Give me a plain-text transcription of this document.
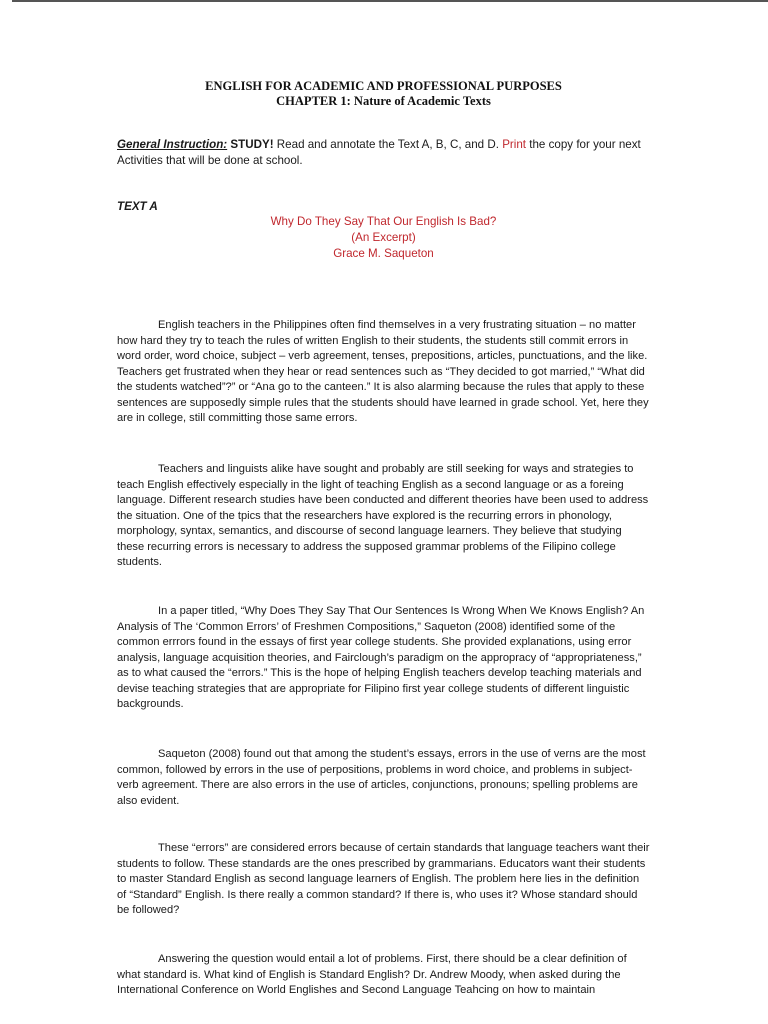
ENGLISH FOR ACADEMIC AND PROFESSIONAL PURPOSES
CHAPTER 1: Nature of Academic Texts
General Instruction: STUDY! Read and annotate the Text A, B, C, and D. Print the copy for your next Activities that will be done at school.
TEXT A
Why Do They Say That Our English Is Bad?
(An Excerpt)
Grace M. Saqueton

English teachers in the Philippines often find themselves in a very frustrating situation – no matter how hard they try to teach the rules of written English to their students, the students still commit errors in word order, word choice, subject – verb agreement, tenses, prepositions, articles, punctuations, and the like. Teachers get frustrated when they hear or read sentences such as “They decided to got married,” “What did the students watched”?” or “Ana go to the canteen.” It is also alarming because the rules that apply to these sentences are supposedly simple rules that the students should have learned in grade school. Yet, here they are in college, still committing those same errors.

Teachers and linguists alike have sought and probably are still seeking for ways and strategies to teach English effectively especially in the light of teaching English as a second language or as a foreing language. Different research studies have been conducted and different theories have been used to address the situation. One of the tpics that the researchers have explored is the recurring errors in phonology, morphology, syntax, semantics, and discourse of second language learners. They believe that studying these recurring errors is necessary to address the supposed grammar problems of the Filipino college students.

In a paper titled, “Why Does They Say That Our Sentences Is Wrong When We Knows English? An Analysis of The ‘Common Errors’ of Freshmen Compositions,” Saqueton (2008) identified some of the common errrors found in the essays of first year college students. She provided explanations, using error analysis, language acquisition theories, and Fairclough’s paradigm on the appropracy of “appropriateness,” as to what caused the “errors.” This is the hope of helping English teachers develop teaching materials and devise teaching strategies that are appropriate for Filipino first year college students of different linguistic backgrounds.

Saqueton (2008) found out that among the student’s essays, errors in the use of verns are the most common, followed by errors in the use of perpositions, problems in word choice, and problems in subject-verb agreement. There are also errors in the use of articles, conjunctions, pronouns; spelling problems are also evident.

These “errors” are considered errors because of certain standards that language teachers want their students to follow. These standards are the ones prescribed by grammarians. Educators want their students to master Standard English as second language learners of English. The problem here lies in the definition of “Standard” English. Is there really a common standard? If there is, who uses it? Whose standard should be followed?

Answering the question would entail a lot of problems. First, there should be a clear definition of what standard is. What kind of English is Standard English? Dr. Andrew Moody, when asked during the International Conference on World Englishes and Second Language Teahcing on how to maintain
